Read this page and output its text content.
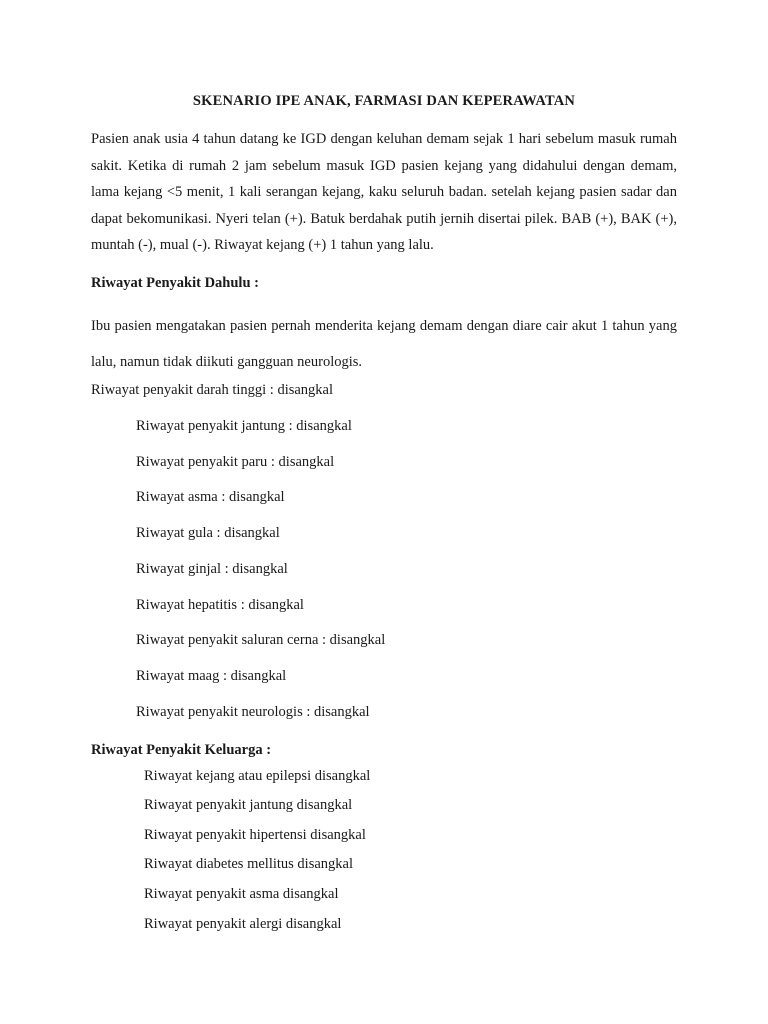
SKENARIO IPE ANAK, FARMASI DAN KEPERAWATAN
Pasien anak usia 4 tahun datang ke IGD dengan keluhan demam sejak 1 hari sebelum masuk rumah sakit. Ketika di rumah 2 jam sebelum masuk IGD pasien kejang yang didahului dengan demam, lama kejang <5 menit, 1 kali serangan kejang, kaku seluruh badan. setelah kejang pasien sadar dan dapat bekomunikasi. Nyeri telan (+). Batuk berdahak putih jernih disertai pilek. BAB (+), BAK (+), muntah (-), mual (-). Riwayat kejang (+) 1 tahun yang lalu.
Riwayat Penyakit Dahulu :
Ibu pasien mengatakan pasien pernah menderita kejang demam dengan diare cair akut 1 tahun yang lalu, namun tidak diikuti gangguan neurologis.
Riwayat penyakit darah tinggi : disangkal
Riwayat penyakit jantung : disangkal
Riwayat penyakit paru : disangkal
Riwayat asma : disangkal
Riwayat gula : disangkal
Riwayat ginjal : disangkal
Riwayat hepatitis : disangkal
Riwayat penyakit saluran cerna : disangkal
Riwayat maag : disangkal
Riwayat penyakit neurologis : disangkal
Riwayat Penyakit Keluarga :
Riwayat kejang atau epilepsi disangkal
Riwayat penyakit jantung disangkal
Riwayat penyakit hipertensi disangkal
Riwayat diabetes mellitus disangkal
Riwayat penyakit asma disangkal
Riwayat penyakit alergi disangkal
